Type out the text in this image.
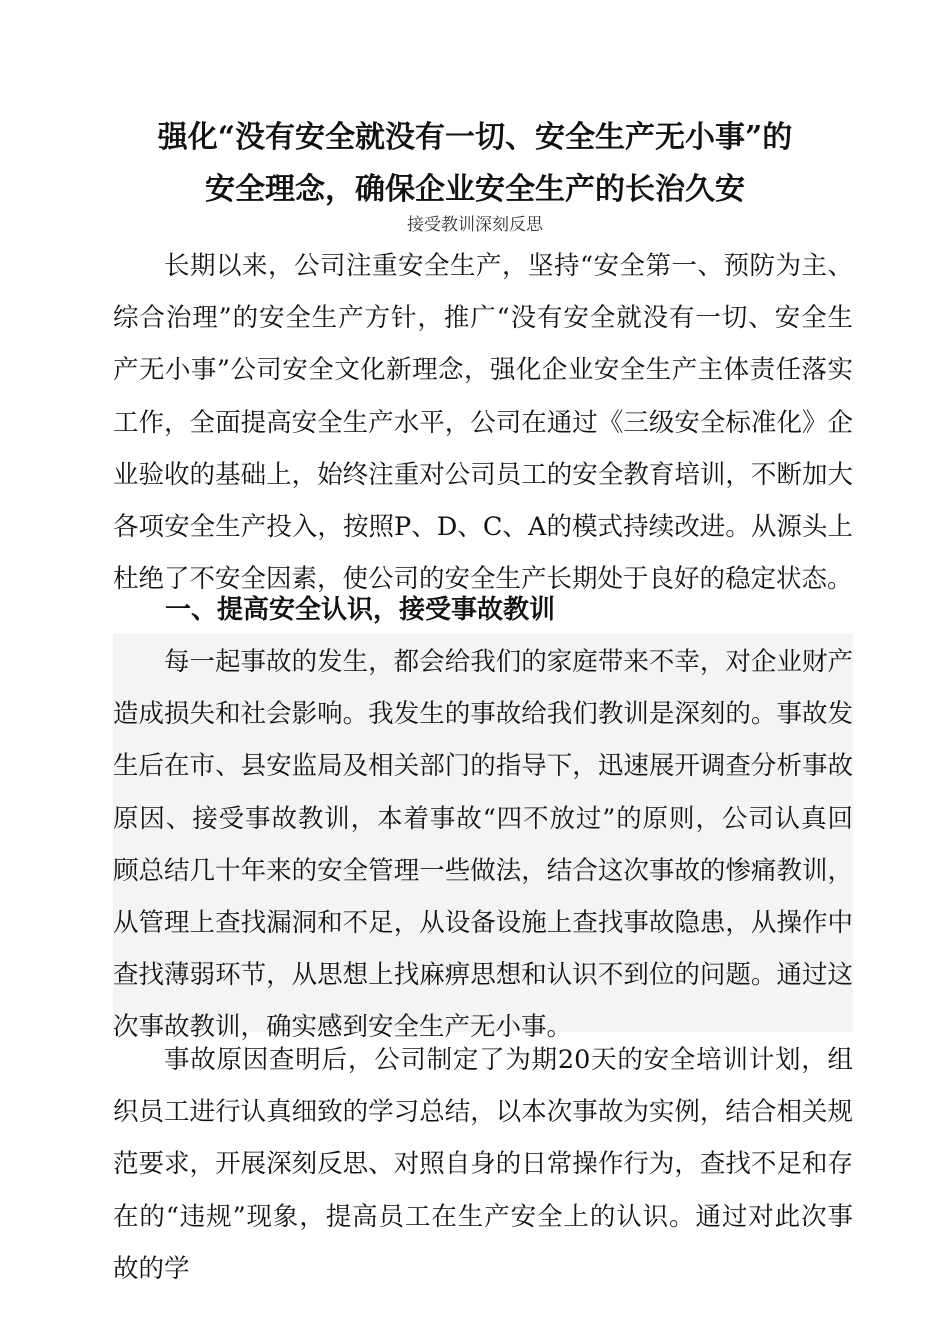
强化“没有安全就没有一切、安全生产无小事”的
安全理念，确保企业安全生产的长治久安
接受教训深刻反思

长期以来，公司注重安全生产，坚持“安全第一、预防为主、综合治理”的安全生产方针，推广“没有安全就没有一切、安全生产无小事”公司安全文化新理念，强化企业安全生产主体责任落实工作，全面提高安全生产水平，公司在通过《三级安全标准化》企业验收的基础上，始终注重对公司员工的安全教育培训，不断加大各项安全生产投入，按照P、D、C、A的模式持续改进。从源头上杜绝了不安全因素，使公司的安全生产长期处于良好的稳定状态。

一、提高安全认识，接受事故教训

每一起事故的发生，都会给我们的家庭带来不幸，对企业财产造成损失和社会影响。我发生的事故给我们教训是深刻的。事故发生后在市、县安监局及相关部门的指导下，迅速展开调查分析事故原因、接受事故教训，本着事故“四不放过”的原则，公司认真回顾总结几十年来的安全管理一些做法，结合这次事故的惨痛教训，从管理上查找漏洞和不足，从设备设施上查找事故隐患，从操作中查找薄弱环节，从思想上找麻痹思想和认识不到位的问题。通过这次事故教训，确实感到安全生产无小事。

事故原因查明后，公司制定了为期20天的安全培训计划，组织员工进行认真细致的学习总结，以本次事故为实例，结合相关规范要求，开展深刻反思、对照自身的日常操作行为，查找不足和存在的“违规”现象，提高员工在生产安全上的认识。通过对此次事故的学
